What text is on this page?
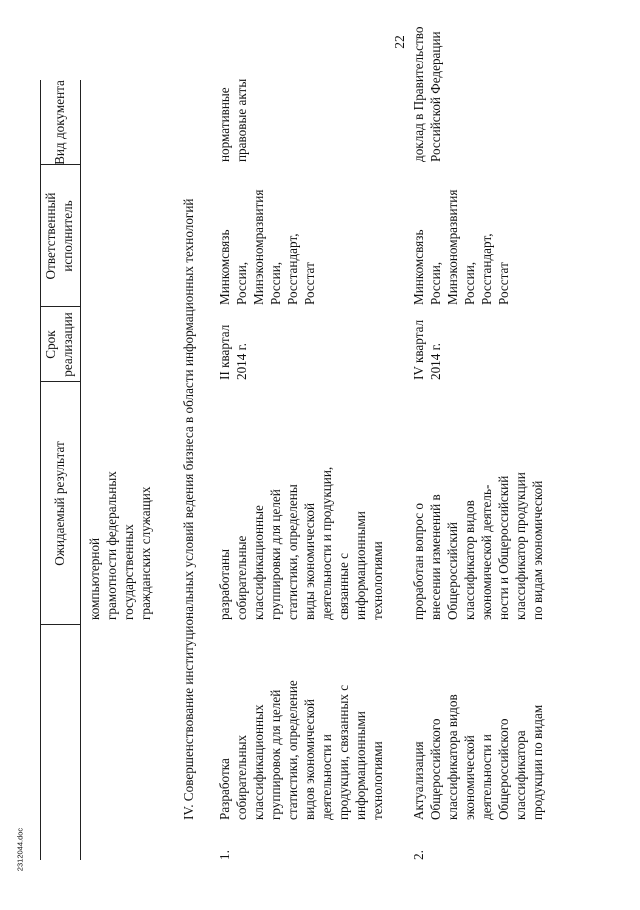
22

Ожидаемый результат

Срок
реализации

Ответственный
исполнитель

Вид документа

компьютерной
грамотности федеральных
государственных
гражданских служащих IV. Совершенствование институциональных условий ведения бизнеса в области информационных технологий

1.

Разработка
собирательных
классификационных
группировок для целей
статистики, определение
видов экономической
деятельности и
продукции, связанных с
информационными
технологиями

разработаны
собирательные
классификационные
группировки для целей
статистики, определены
виды экономической
деятельности и продукции,
связанные с
информационными
технологиями

II квартал
2014 г.

Минкомсвязь
России,
Минэкономразвития
России,
Росстандарт,
Росстат

нормативные
правовые акты

2.

Актуализация
Общероссийского
классификатора видов
экономической
деятельности и
Общероссийского
классификатора
продукции по видам

проработан вопрос о
внесении изменений в
Общероссийский
классификатор видов
экономической деятель-
ности и Общероссийский
классификатор продукции
по видам экономической

IV квартал
2014 г.

Минкомсвязь
России,
Минэкономразвития
России,
Росстандарт,
Росстат

доклад в Правительство
Российской Федерации

2312044.doc
